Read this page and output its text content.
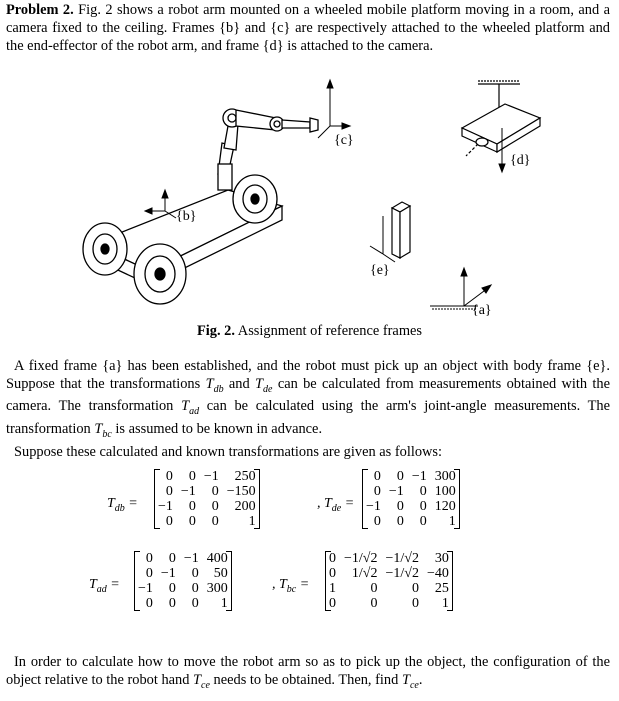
Problem 2. Fig. 2 shows a robot arm mounted on a wheeled mobile platform moving in a room, and a camera fixed to the ceiling. Frames {b} and {c} are respectively attached to the wheeled platform and the end-effector of the robot arm, and frame {d} is attached to the camera.
{c}
{b}
{d}
{e}
{a}
Fig. 2. Assignment of reference frames
A fixed frame {a} has been established, and the robot must pick up an object with body frame {e}. Suppose that the transformations $T_{db}$ and $T_{de}$ can be calculated from measurements obtained with the camera. The transformation $T_{ad}$ can be calculated using the arm's joint-angle measurements. The transformation $T_{bc}$ is assumed to be known in advance.
Suppose these calculated and known transformations are given as follows:
$T_{db}$ =
0	0	−1	250
0	−1	0	−150
−1	0	0	200
0	0	0	1
, $T_{de}$ =
0	0	−1	300
0	−1	0	100
−1	0	0	120
0	0	0	1
$T_{ad}$ =
0	0	−1	400
0	−1	0	50
−1	0	0	300
0	0	0	1
, $T_{bc}$ =
0	−1/√2	−1/√2	30
0	1/√2	−1/√2	−40
1	0	0	25
0	0	0	1
In order to calculate how to move the robot arm so as to pick up the object, the configuration of the object relative to the robot hand $T_{ce}$ needs to be obtained. Then, find $T_{ce}$.
